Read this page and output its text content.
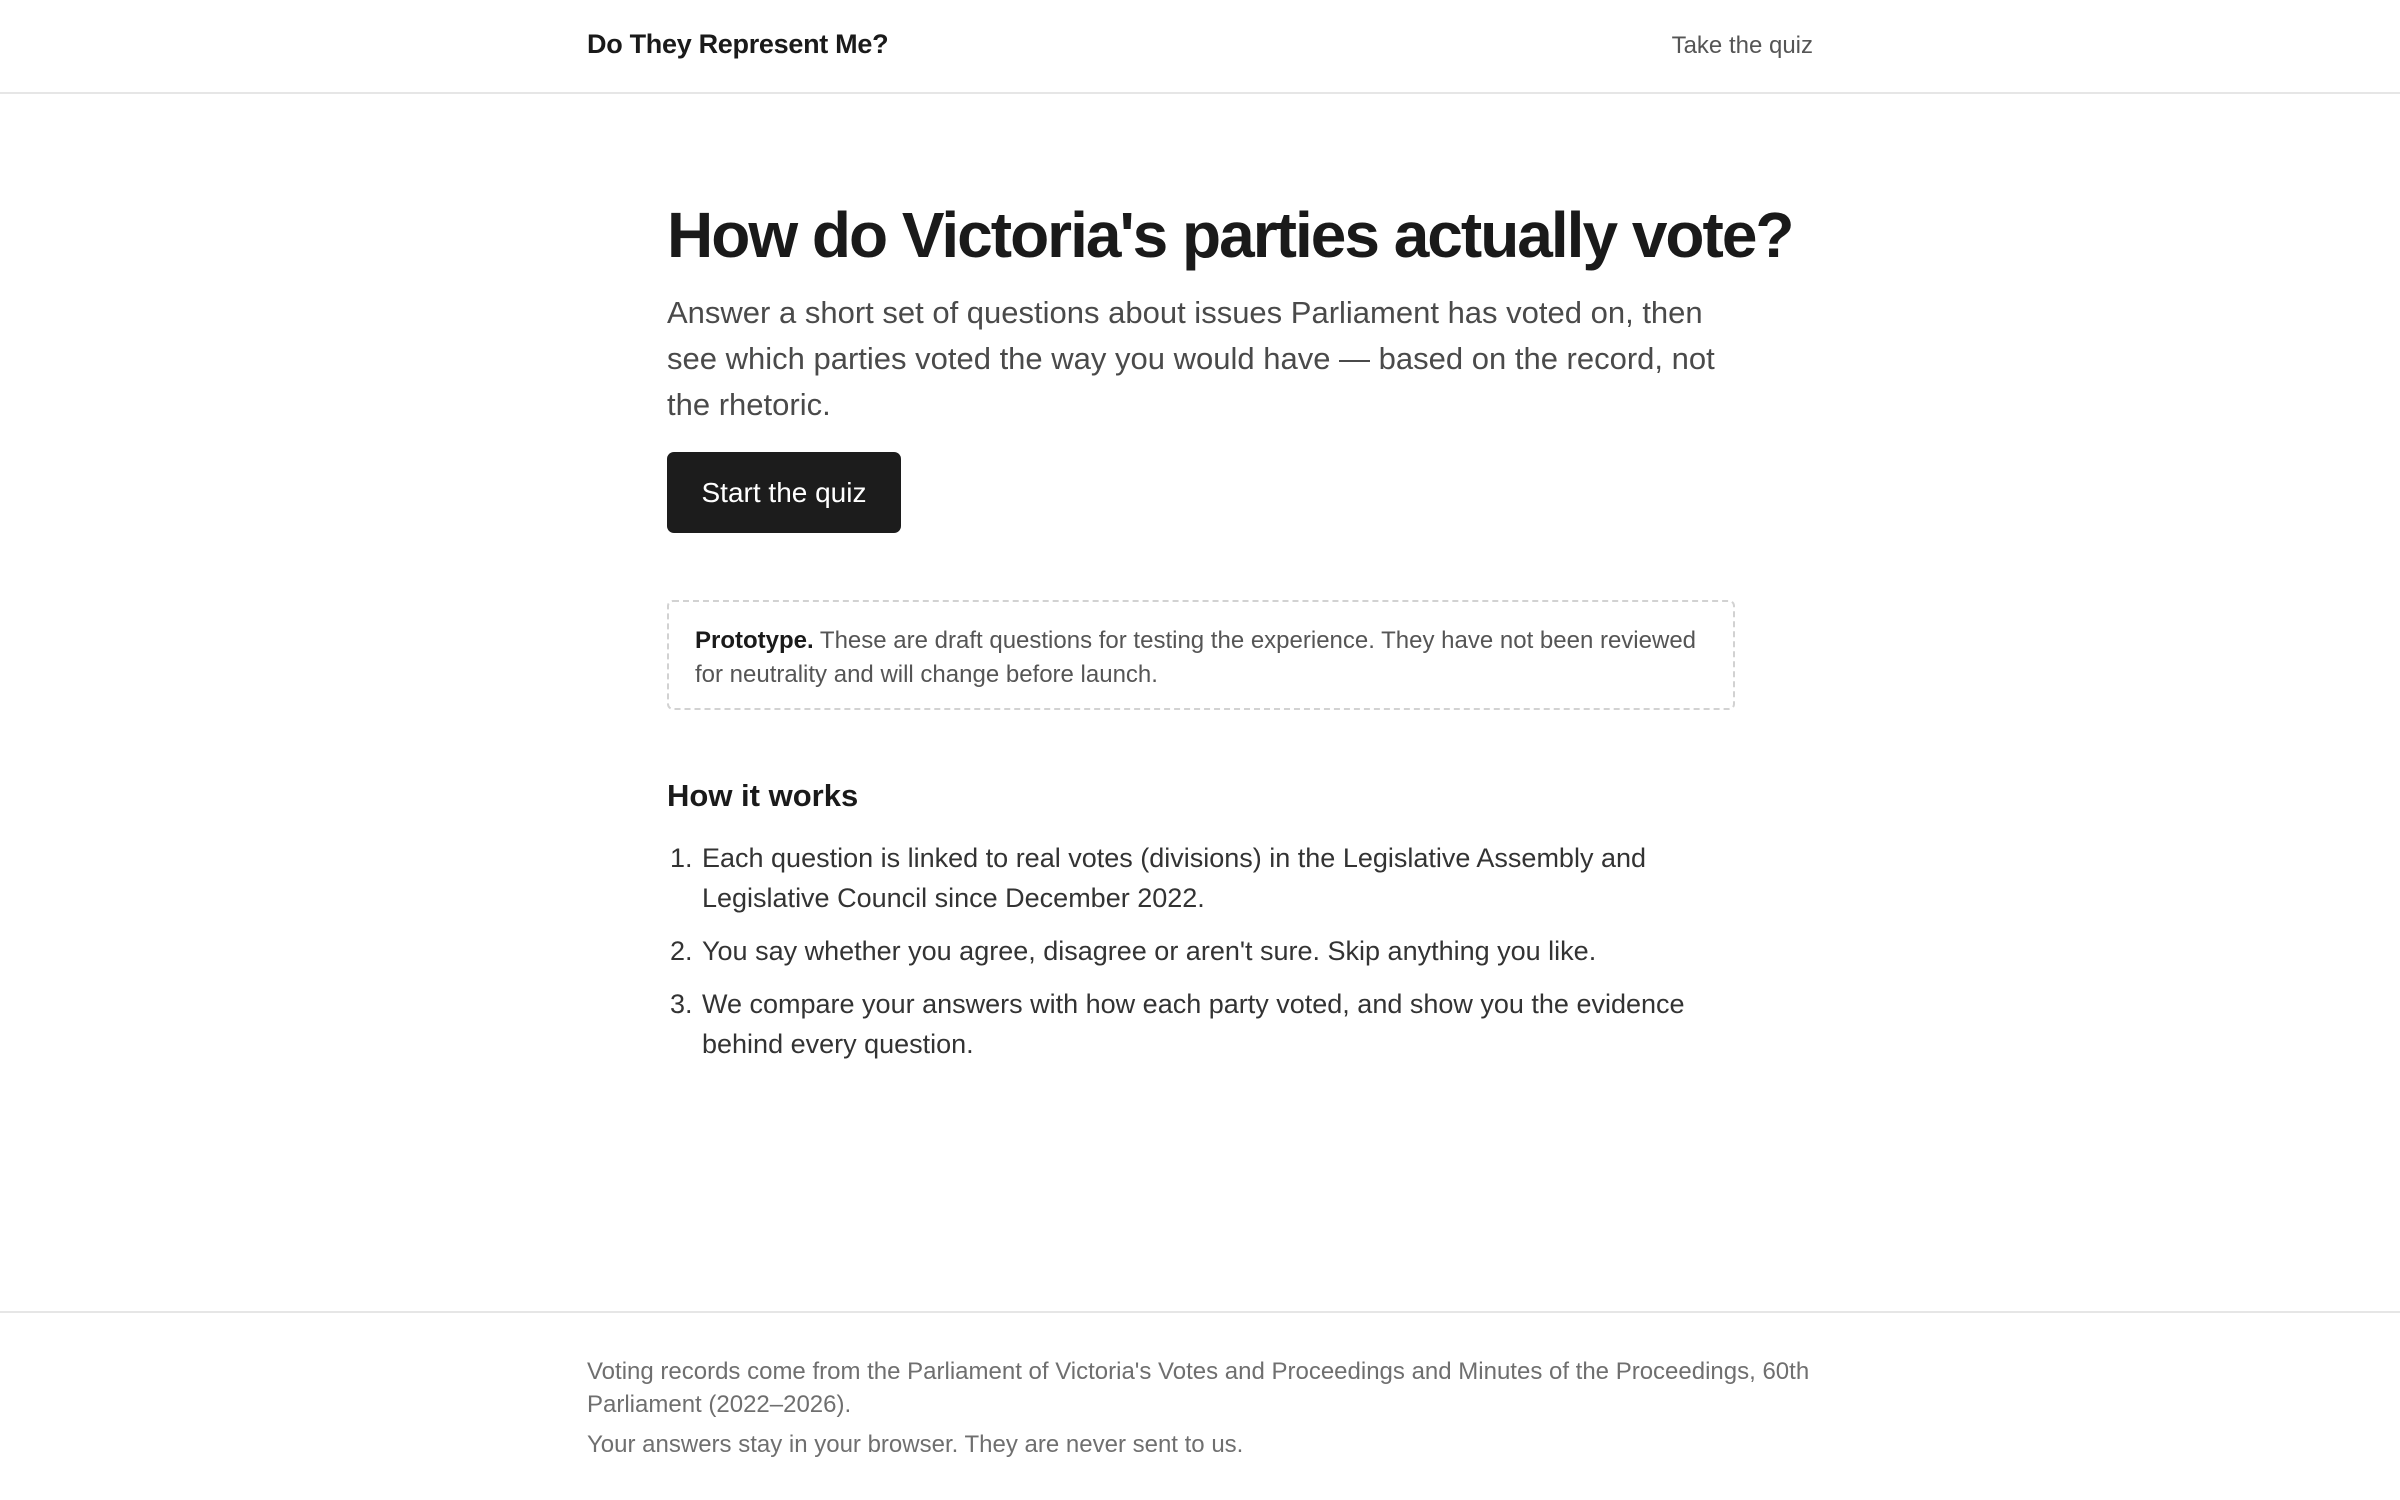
Do They Represent Me?	Take the quiz
How do Victoria's parties actually vote?

Answer a short set of questions about issues Parliament has voted on, then see which parties voted the way you would have — based on the record, not the rhetoric.

Start the quiz
Prototype. These are draft questions for testing the experience. They have not been reviewed for neutrality and will change before launch.
How it works
1. Each question is linked to real votes (divisions) in the Legislative Assembly and Legislative Council since December 2022.
2. You say whether you agree, disagree or aren't sure. Skip anything you like.
3. We compare your answers with how each party voted, and show you the evidence behind every question.

Voting records come from the Parliament of Victoria's Votes and Proceedings and Minutes of the Proceedings, 60th Parliament (2022–2026).

Your answers stay in your browser. They are never sent to us.
